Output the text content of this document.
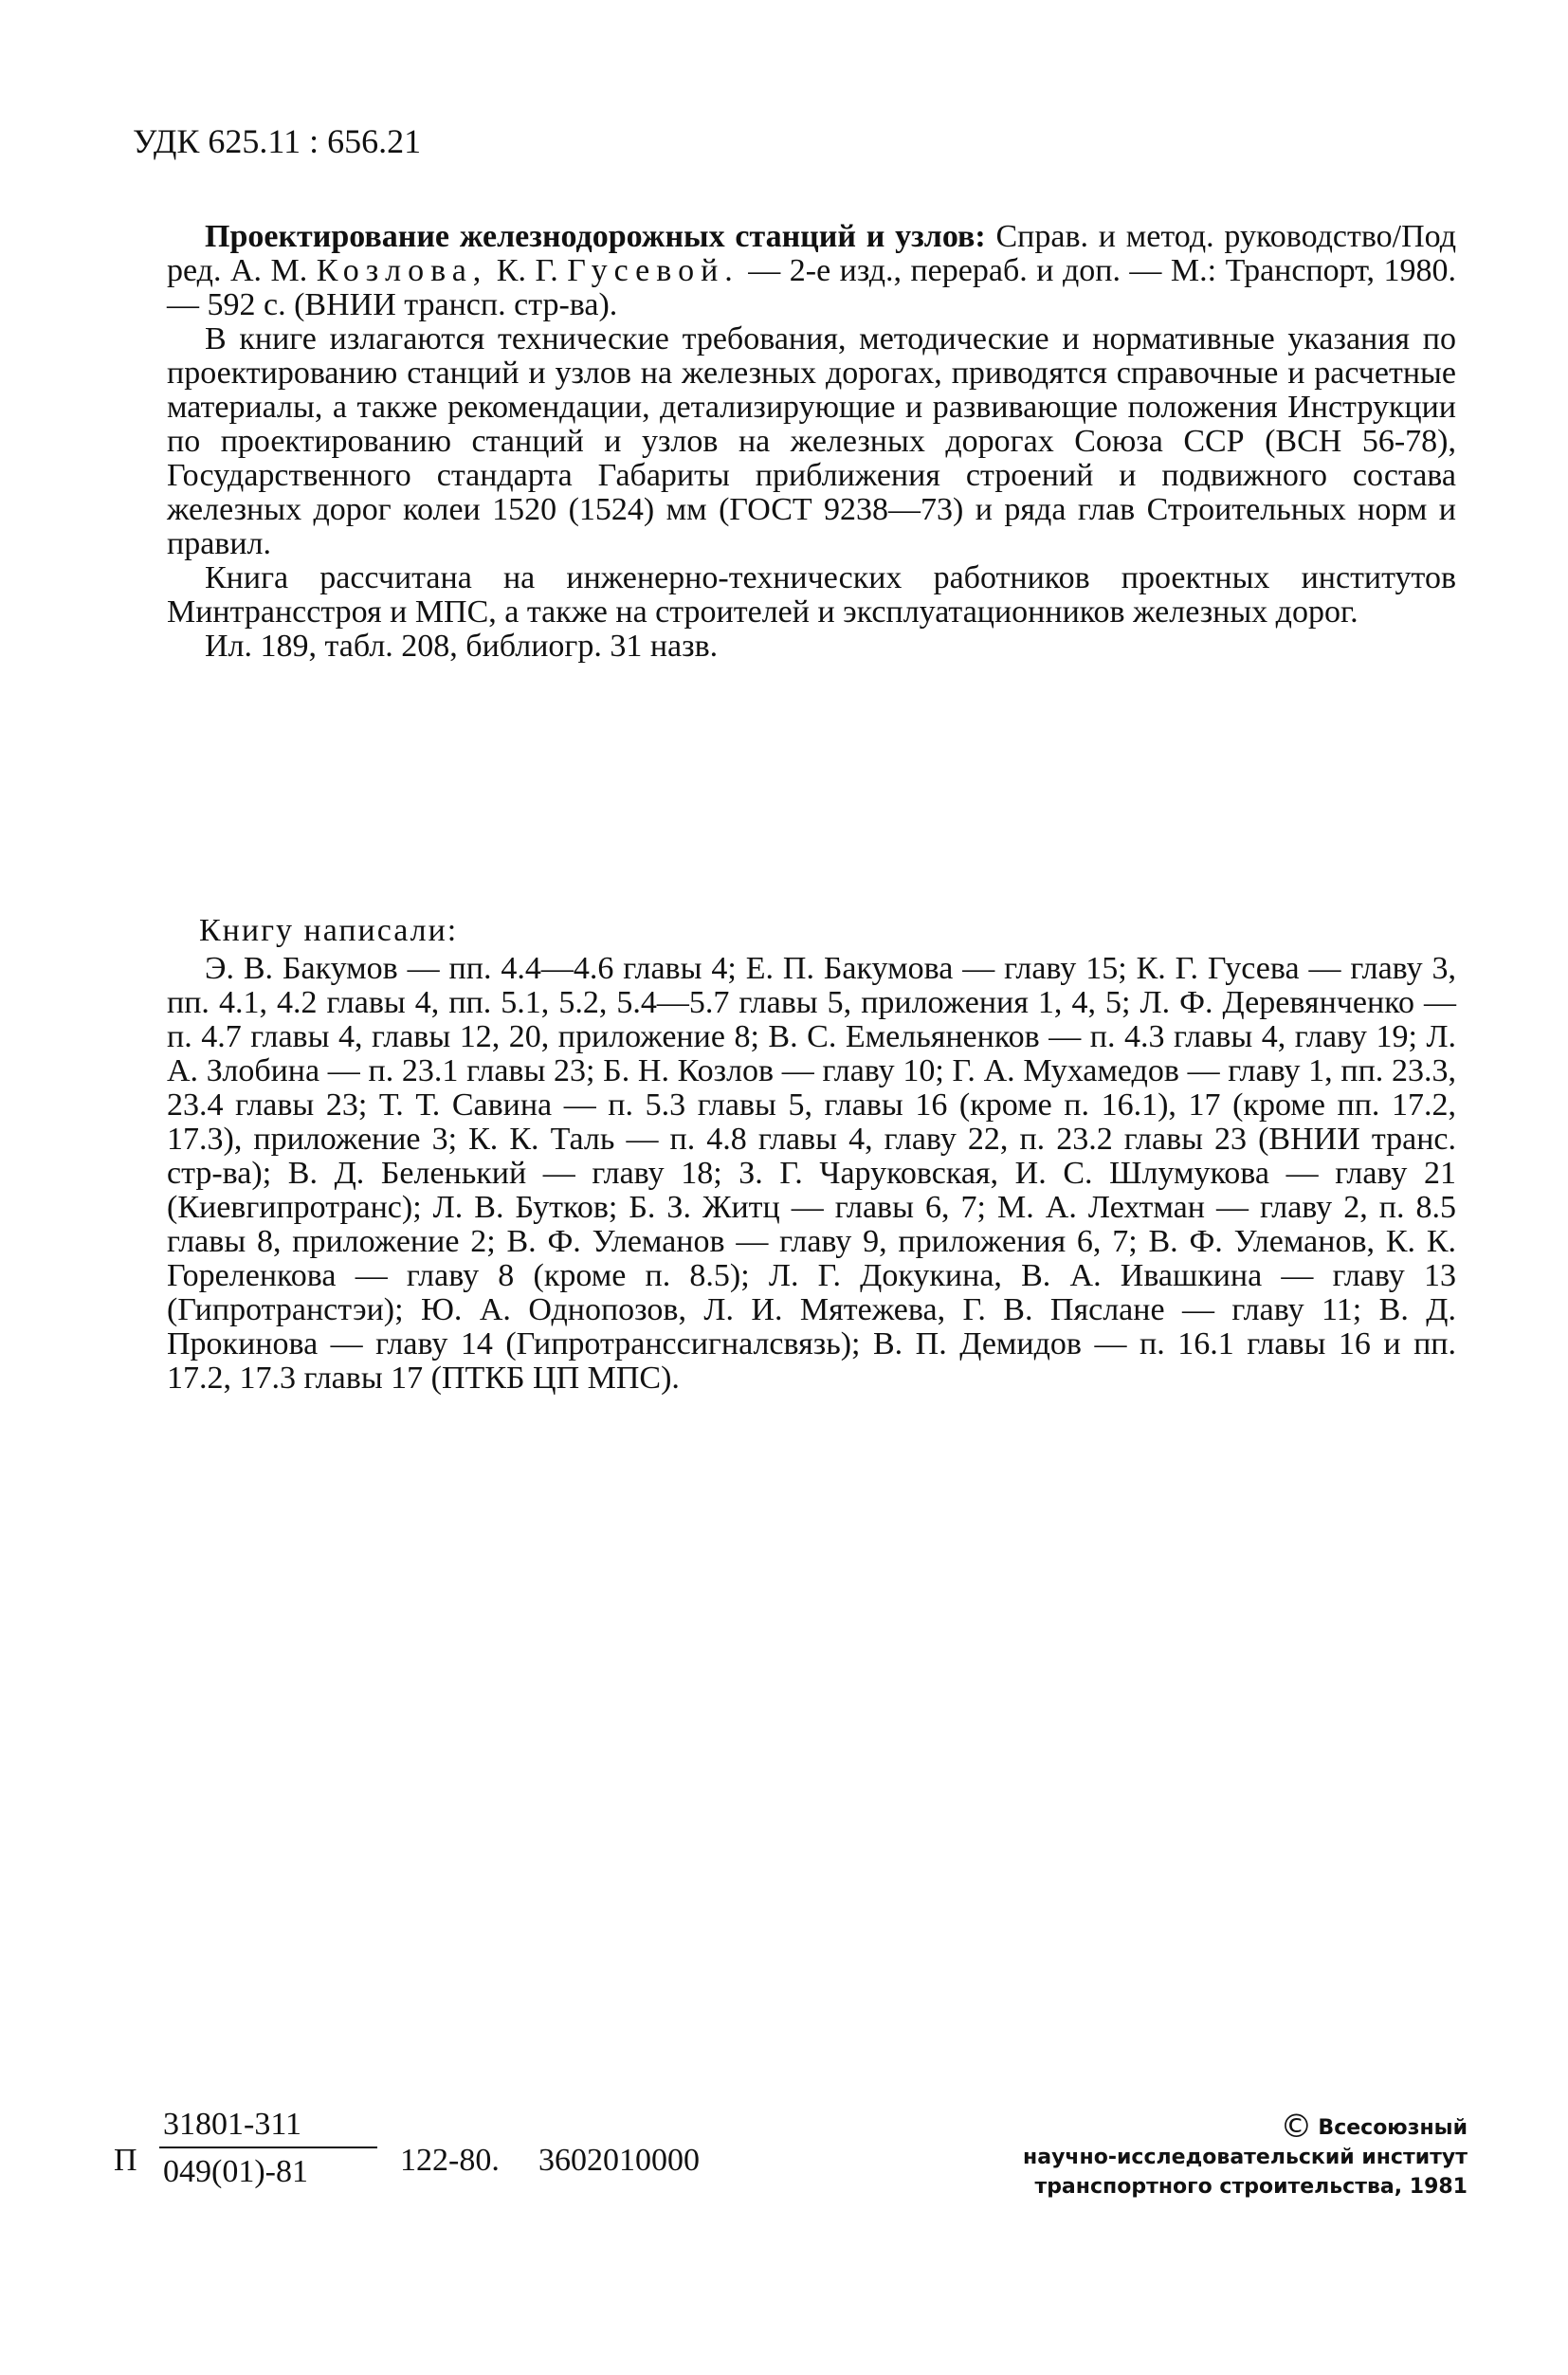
УДК 625.11 : 656.21

Проектирование железнодорожных станций и узлов: Справ. и метод. руководство/Под ред. А. М. Козлова, К. Г. Гусевой. — 2-е изд., перераб. и доп. — М.: Транспорт, 1980. — 592 с. (ВНИИ трансп. стр-ва).

В книге излагаются технические требования, методические и нормативные указания по проектированию станций и узлов на железных дорогах, приводятся справочные и расчетные материалы, а также рекомендации, детализирующие и развивающие положения Инструкции по проектированию станций и узлов на железных дорогах Союза ССР (ВСН 56-78), Государственного стандарта Габариты приближения строений и подвижного состава железных дорог колеи 1520 (1524) мм (ГОСТ 9238—73) и ряда глав Строительных норм и правил.

Книга рассчитана на инженерно-технических работников проектных институтов Минтрансстроя и МПС, а также на строителей и эксплуатационников железных дорог.

Ил. 189, табл. 208, библиогр. 31 назв.

Книгу написали:

Э. В. Бакумов — пп. 4.4—4.6 главы 4; Е. П. Бакумова — главу 15; К. Г. Гусева — главу 3, пп. 4.1, 4.2 главы 4, пп. 5.1, 5.2, 5.4—5.7 главы 5, приложения 1, 4, 5; Л. Ф. Деревянченко — п. 4.7 главы 4, главы 12, 20, приложение 8; В. С. Емельяненков — п. 4.3 главы 4, главу 19; Л. А. Злобина — п. 23.1 главы 23; Б. Н. Козлов — главу 10; Г. А. Мухамедов — главу 1, пп. 23.3, 23.4 главы 23; Т. Т. Савина — п. 5.3 главы 5, главы 16 (кроме п. 16.1), 17 (кроме пп. 17.2, 17.3), приложение 3; К. К. Таль — п. 4.8 главы 4, главу 22, п. 23.2 главы 23 (ВНИИ транс. стр-ва); В. Д. Беленький — главу 18; З. Г. Чаруковская, И. С. Шлумукова — главу 21 (Киевгипротранс); Л. В. Бутков; Б. З. Житц — главы 6, 7; М. А. Лехтман — главу 2, п. 8.5 главы 8, приложение 2; В. Ф. Улеманов — главу 9, приложения 6, 7; В. Ф. Улеманов, К. К. Гореленкова — главу 8 (кроме п. 8.5); Л. Г. Докукина, В. А. Ивашкина — главу 13 (Гипротранстэи); Ю. А. Однопозов, Л. И. Мятежева, Г. В. Пяслане — главу 11; В. Д. Прокинова — главу 14 (Гипротранссигналсвязь); В. П. Демидов — п. 16.1 главы 16 и пп. 17.2, 17.3 главы 17 (ПТКБ ЦП МПС).

П $\frac{31801-311}{049(01)-81} 122-80$. 3602010000
© Всесоюзный
научно-исследовательский институт
транспортного строительства, 1981
